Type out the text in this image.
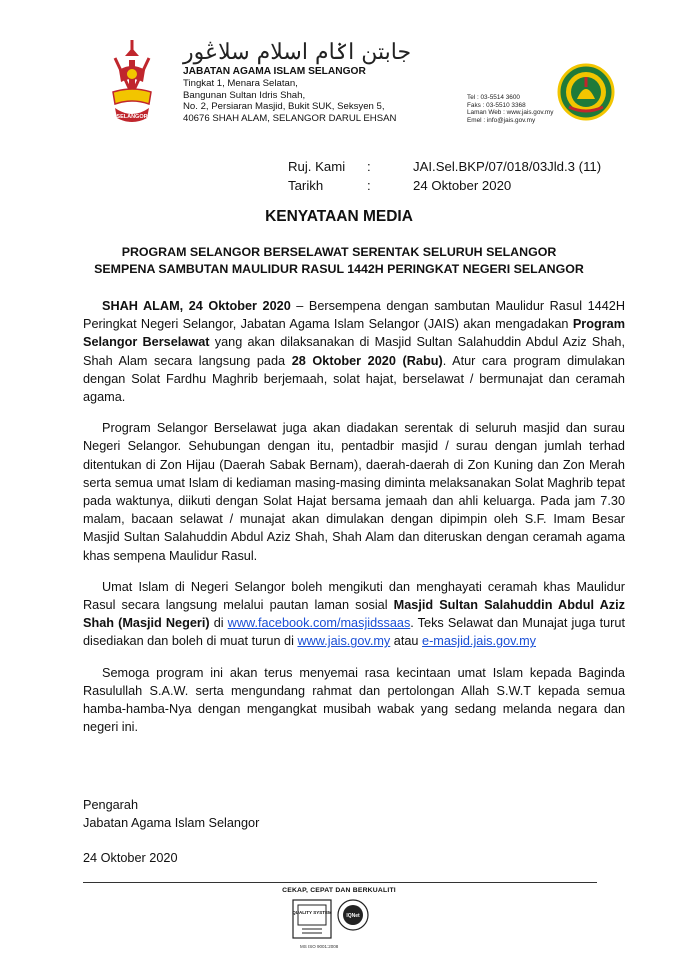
SELANGOR
جابتن اݢام اسلام سلاڠور
JABATAN AGAMA ISLAM SELANGOR
Tingkat 1, Menara Selatan,
Bangunan Sultan Idris Shah,
No. 2, Persiaran Masjid, Bukit SUK, Seksyen 5,
40676 SHAH ALAM, SELANGOR DARUL EHSAN
Tel : 03-5514 3600
Faks : 03-5510 3368
Laman Web : www.jais.gov.my
Emel : info@jais.gov.my
Ruj. Kami
Tarikh
:
:
JAI.Sel.BKP/07/018/03Jld.3 (11)
24 Oktober 2020
KENYATAAN MEDIA
PROGRAM SELANGOR BERSELAWAT SERENTAK SELURUH SELANGOR
SEMPENA SAMBUTAN MAULIDUR RASUL 1442H PERINGKAT NEGERI SELANGOR

SHAH ALAM, 24 Oktober 2020 – Bersempena dengan sambutan Maulidur Rasul 1442H Peringkat Negeri Selangor, Jabatan Agama Islam Selangor (JAIS) akan mengadakan Program Selangor Berselawat yang akan dilaksanakan di Masjid Sultan Salahuddin Abdul Aziz Shah, Shah Alam secara langsung pada 28 Oktober 2020 (Rabu). Atur cara program dimulakan dengan Solat Fardhu Maghrib berjemaah, solat hajat, berselawat / bermunajat dan ceramah agama.

Program Selangor Berselawat juga akan diadakan serentak di seluruh masjid dan surau Negeri Selangor. Sehubungan dengan itu, pentadbir masjid / surau dengan jumlah terhad ditentukan di Zon Hijau (Daerah Sabak Bernam), daerah-daerah di Zon Kuning dan Zon Merah serta semua umat Islam di kediaman masing-masing diminta melaksanakan Solat Maghrib tepat pada waktunya, diikuti dengan Solat Hajat bersama jemaah dan ahli keluarga. Pada jam 7.30 malam, bacaan selawat / munajat akan dimulakan dengan dipimpin oleh S.F. Imam Besar Masjid Sultan Salahuddin Abdul Aziz Shah, Shah Alam dan diteruskan dengan ceramah agama khas sempena Maulidur Rasul.

Umat Islam di Negeri Selangor boleh mengikuti dan menghayati ceramah khas Maulidur Rasul secara langsung melalui pautan laman sosial Masjid Sultan Salahuddin Abdul Aziz Shah (Masjid Negeri) di www.facebook.com/masjidssaas. Teks Selawat dan Munajat juga turut disediakan dan boleh di muat turun di www.jais.gov.my atau e-masjid.jais.gov.my

Semoga program ini akan terus menyemai rasa kecintaan umat Islam kepada Baginda Rasulullah S.A.W. serta mengundang rahmat dan pertolongan Allah S.W.T kepada semua hamba-hamba-Nya dengan mengangkat musibah wabak yang sedang melanda negara dan negeri ini.

Pengarah
Jabatan Agama Islam Selangor
24 Oktober 2020
CEKAP, CEPAT DAN BERKUALITI
QUALITY SYSTEM
IQNet
MS ISO 9001:2008
